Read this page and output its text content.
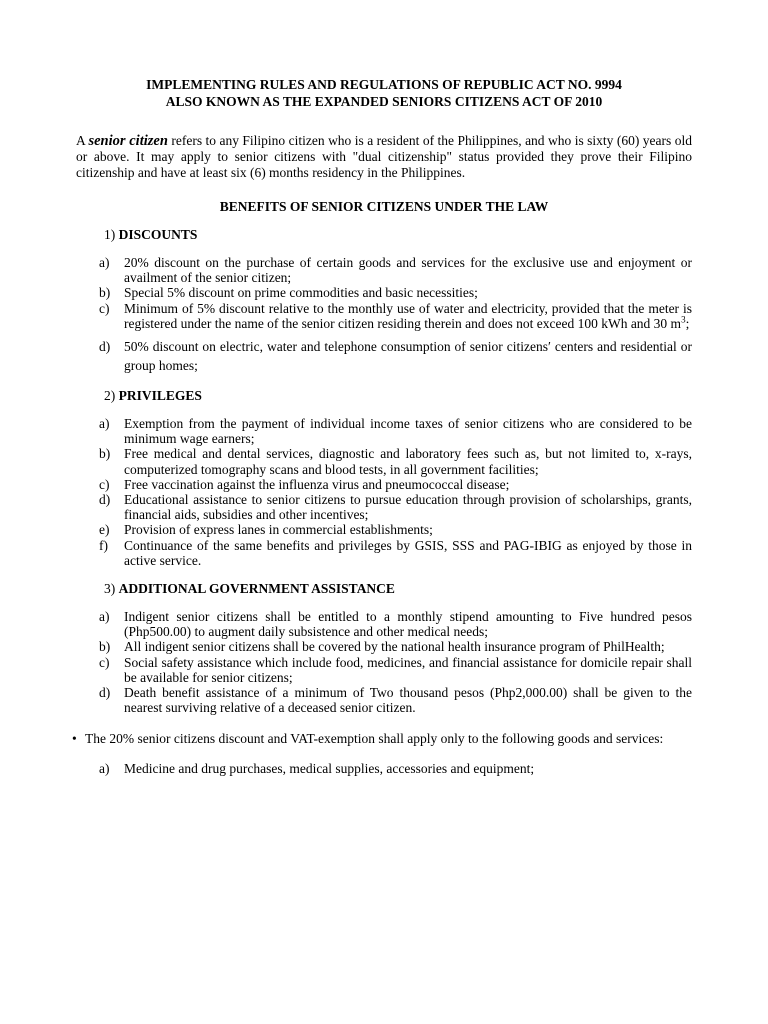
IMPLEMENTING RULES AND REGULATIONS OF REPUBLIC ACT NO. 9994
ALSO KNOWN AS THE EXPANDED SENIORS CITIZENS ACT OF 2010

A senior citizen refers to any Filipino citizen who is a resident of the Philippines, and who is sixty (60) years old or above. It may apply to senior citizens with "dual citizenship" status provided they prove their Filipino citizenship and have at least six (6) months residency in the Philippines.

BENEFITS OF SENIOR CITIZENS UNDER THE LAW

1) DISCOUNTS

a) 20% discount on the purchase of certain goods and services for the exclusive use and enjoyment or availment of the senior citizen;
b) Special 5% discount on prime commodities and basic necessities;
c) Minimum of 5% discount relative to the monthly use of water and electricity, provided that the meter is registered under the name of the senior citizen residing therein and does not exceed 100 kWh and 30 $m^3$;
d) 50% discount on electric, water and telephone consumption of senior citizens′ centers and residential or group homes;

2) PRIVILEGES

a) Exemption from the payment of individual income taxes of senior citizens who are considered to be minimum wage earners;
b) Free medical and dental services, diagnostic and laboratory fees such as, but not limited to, x-rays, computerized tomography scans and blood tests, in all government facilities;
c) Free vaccination against the influenza virus and pneumococcal disease;
d) Educational assistance to senior citizens to pursue education through provision of scholarships, grants, financial aids, subsidies and other incentives;
e) Provision of express lanes in commercial establishments;
f) Continuance of the same benefits and privileges by GSIS, SSS and PAG-IBIG as enjoyed by those in active service.

3) ADDITIONAL GOVERNMENT ASSISTANCE

a) Indigent senior citizens shall be entitled to a monthly stipend amounting to Five hundred pesos (Php500.00) to augment daily subsistence and other medical needs;
b) All indigent senior citizens shall be covered by the national health insurance program of PhilHealth;
c) Social safety assistance which include food, medicines, and financial assistance for domicile repair shall be available for senior citizens;
d) Death benefit assistance of a minimum of Two thousand pesos (Php2,000.00) shall be given to the nearest surviving relative of a deceased senior citizen.
• The 20% senior citizens discount and VAT-exemption shall apply only to the following goods and services:
a) Medicine and drug purchases, medical supplies, accessories and equipment;
